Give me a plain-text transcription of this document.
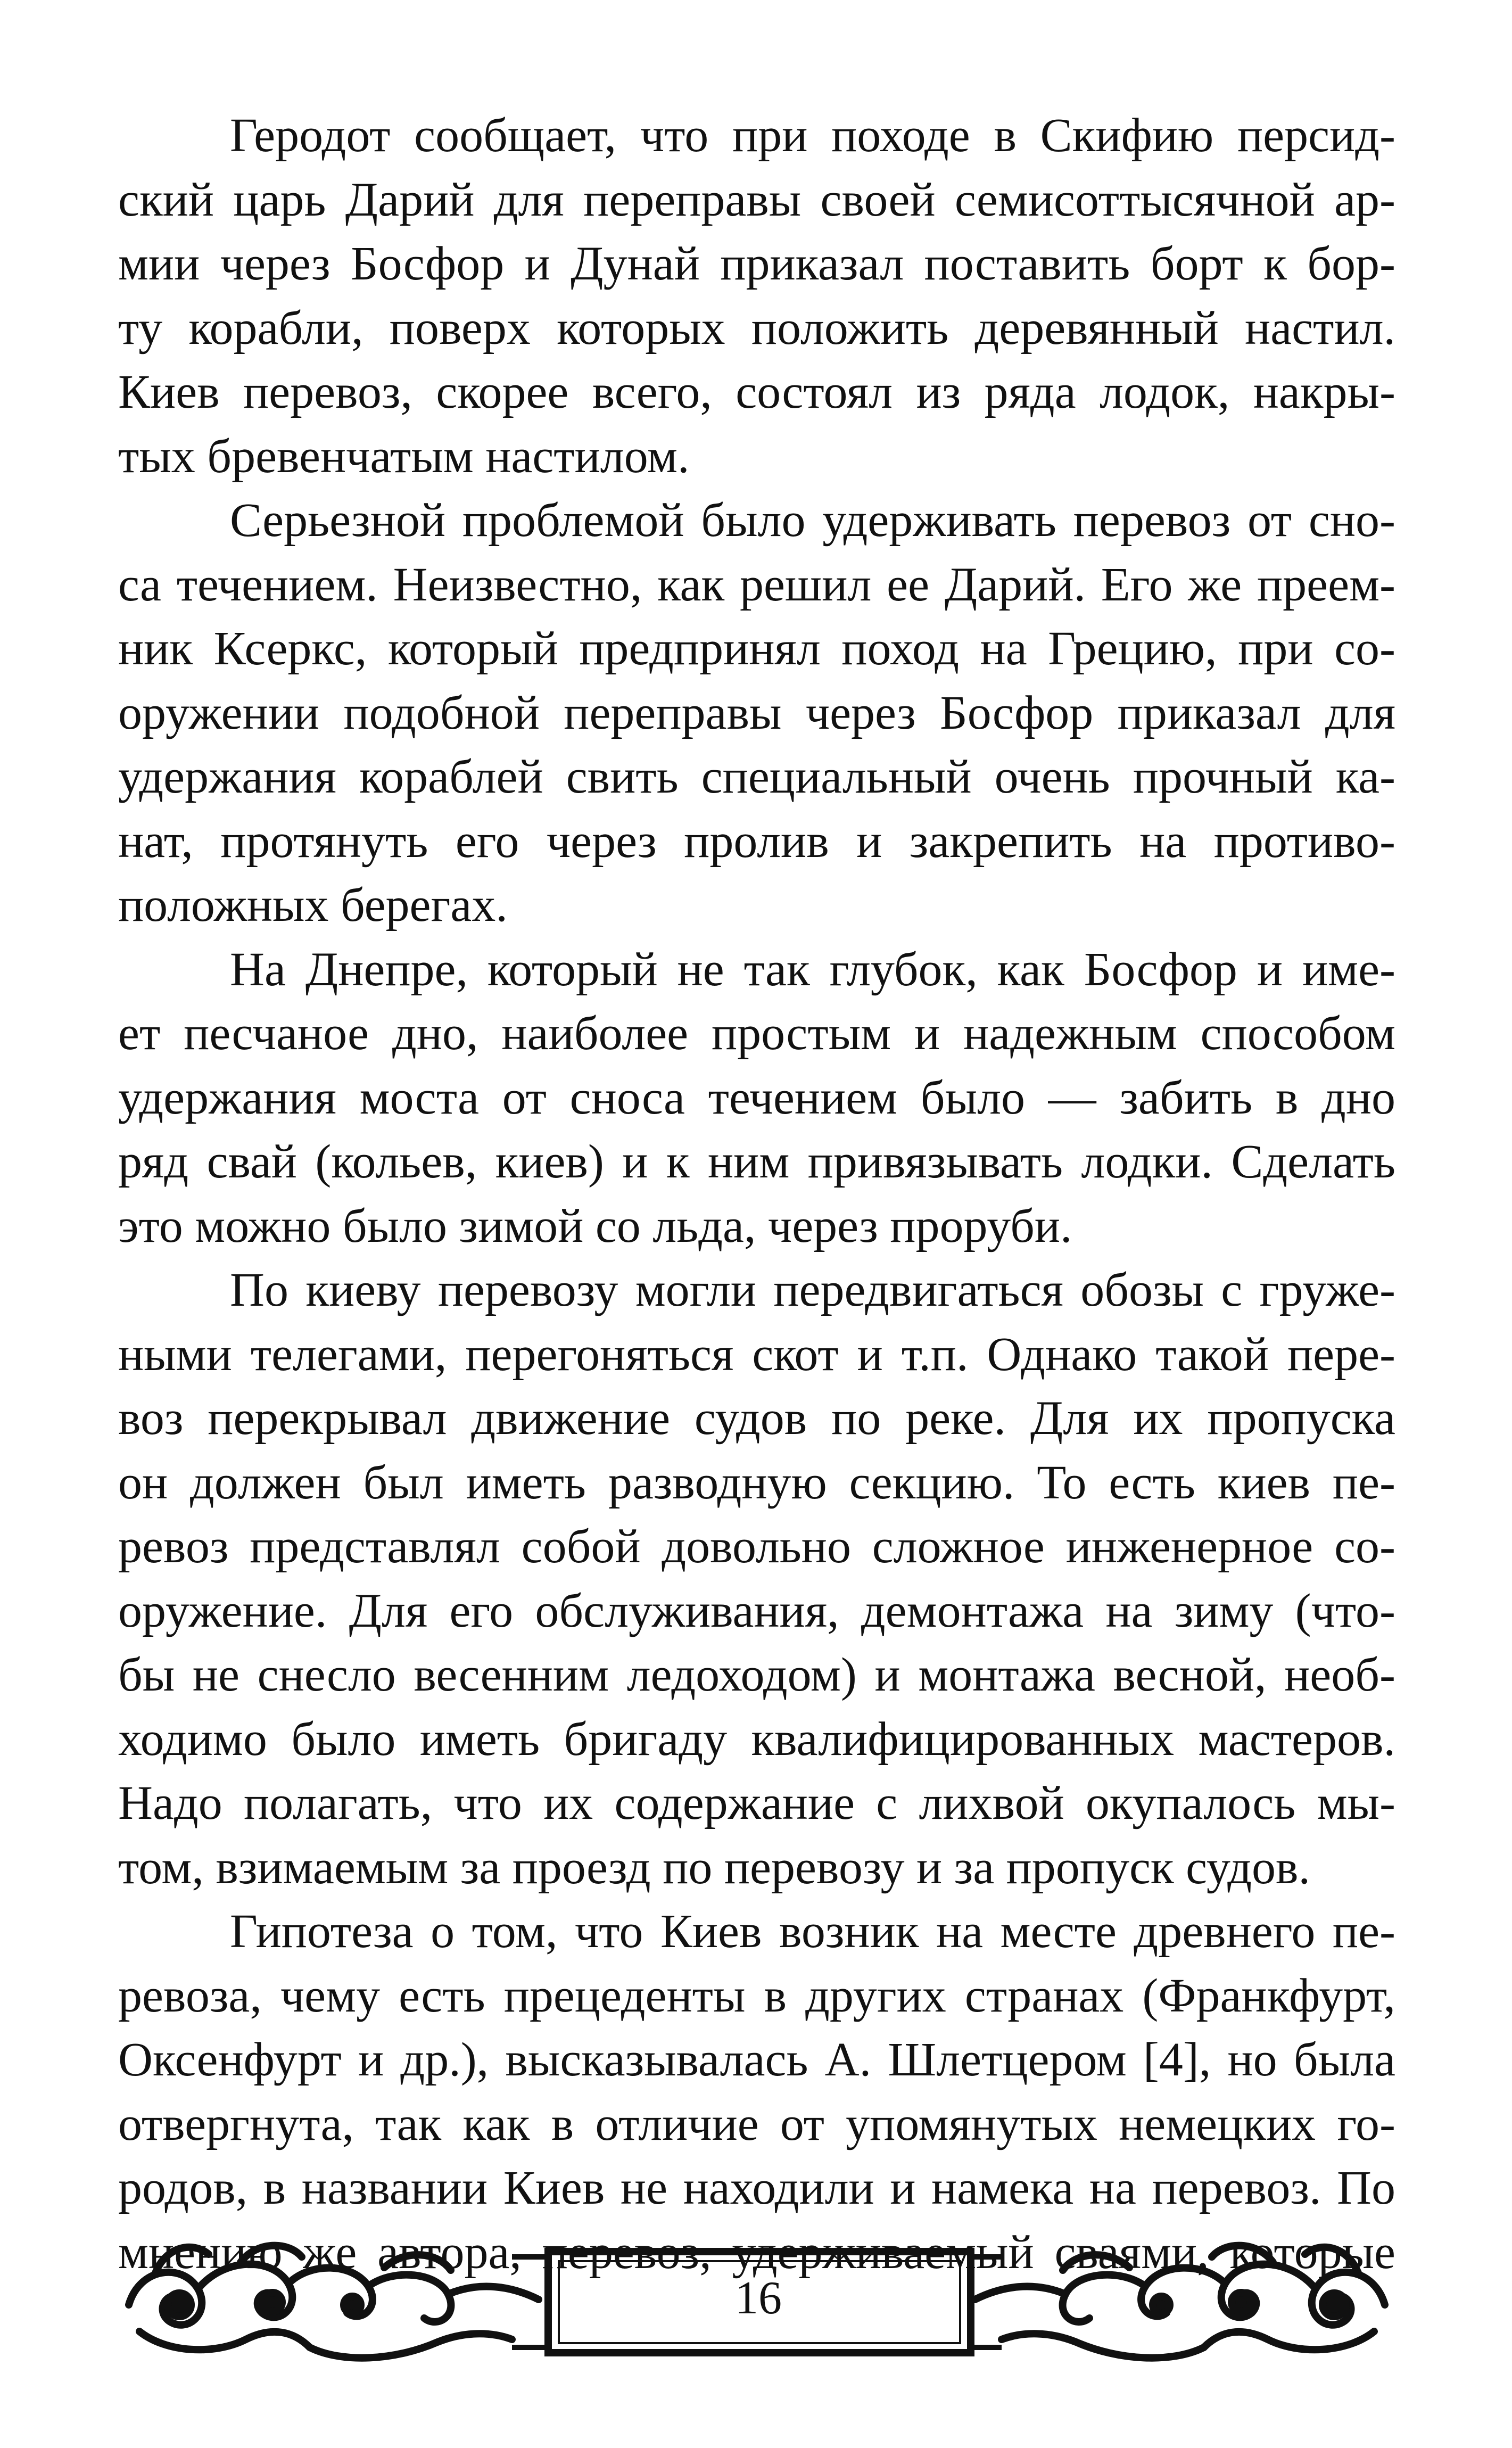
Геродот сообщает, что при походе в Скифию персид-
ский царь Дарий для переправы своей семисоттысячной ар-
мии через Босфор и Дунай приказал поставить борт к бор-
ту корабли, поверх которых положить деревянный настил.
Киев перевоз, скорее всего, состоял из ряда лодок, накры-
тых бревенчатым настилом.
Серьезной проблемой было удерживать перевоз от сно-
са течением. Неизвестно, как решил ее Дарий. Его же преем-
ник Ксеркс, который предпринял поход на Грецию, при со-
оружении подобной переправы через Босфор приказал для
удержания кораблей свить специальный очень прочный ка-
нат, протянуть его через пролив и закрепить на противо-
положных берегах.
На Днепре, который не так глубок, как Босфор и име-
ет песчаное дно, наиболее простым и надежным способом
удержания моста от сноса течением было — забить в дно
ряд свай (кольев, киев) и к ним привязывать лодки. Сделать
это можно было зимой со льда, через проруби.
По киеву перевозу могли передвигаться обозы с груже-
ными телегами, перегоняться скот и т.п. Однако такой пере-
воз перекрывал движение судов по реке. Для их пропуска
он должен был иметь разводную секцию. То есть киев пе-
ревоз представлял собой довольно сложное инженерное со-
оружение. Для его обслуживания, демонтажа на зиму (что-
бы не снесло весенним ледоходом) и монтажа весной, необ-
ходимо было иметь бригаду квалифицированных мастеров.
Надо полагать, что их содержание с лихвой окупалось мы-
том, взимаемым за проезд по перевозу и за пропуск судов.
Гипотеза о том, что Киев возник на месте древнего пе-
ревоза, чему есть прецеденты в других странах (Франкфурт,
Оксенфурт и др.), высказывалась А. Шлетцером [4], но была
отвергнута, так как в отличие от упомянутых немецких го-
родов, в названии Киев не находили и намека на перевоз. По
мнению же автора, перевоз, удерживаемый сваями, которые
16
